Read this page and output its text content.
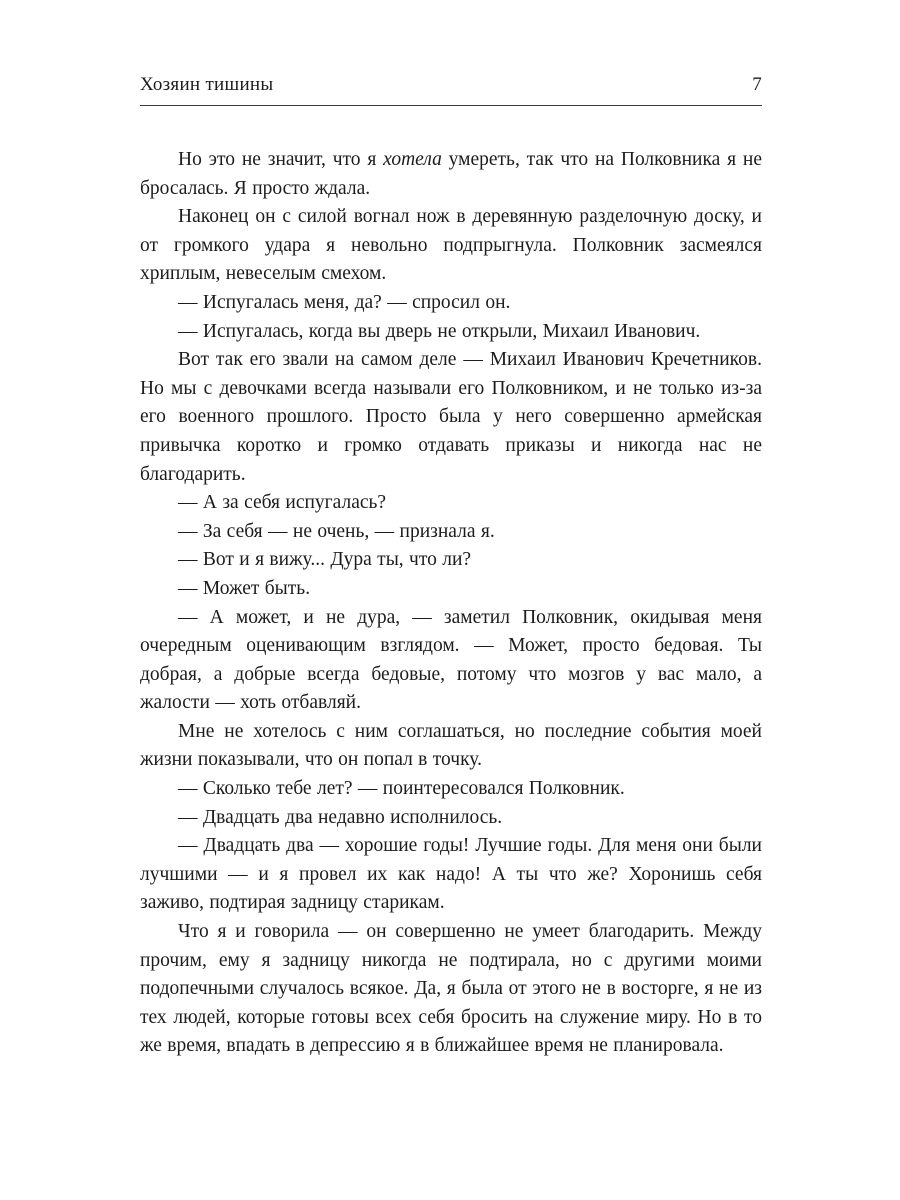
Хозяин тишины	7

Но это не значит, что я хотела умереть, так что на Полковника я не бросалась. Я просто ждала.

Наконец он с силой вогнал нож в деревянную разделочную доску, и от громкого удара я невольно подпрыгнула. Полковник засмеялся хриплым, невеселым смехом.

— Испугалась меня, да? — спросил он.

— Испугалась, когда вы дверь не открыли, Михаил Иванович.

Вот так его звали на самом деле — Михаил Иванович Кречетников. Но мы с девочками всегда называли его Полковником, и не только из-за его военного прошлого. Просто была у него совершенно армейская привычка коротко и громко отдавать приказы и никогда нас не благодарить.

— А за себя испугалась?

— За себя — не очень, — признала я.

— Вот и я вижу... Дура ты, что ли?

— Может быть.

— А может, и не дура, — заметил Полковник, окидывая меня очередным оценивающим взглядом. — Может, просто бедовая. Ты добрая, а добрые всегда бедовые, потому что мозгов у вас мало, а жалости — хоть отбавляй.

Мне не хотелось с ним соглашаться, но последние события моей жизни показывали, что он попал в точку.

— Сколько тебе лет? — поинтересовался Полковник.

— Двадцать два недавно исполнилось.

— Двадцать два — хорошие годы! Лучшие годы. Для меня они были лучшими — и я провел их как надо! А ты что же? Хоронишь себя заживо, подтирая задницу старикам.

Что я и говорила — он совершенно не умеет благодарить. Между прочим, ему я задницу никогда не подтирала, но с другими моими подопечными случалось всякое. Да, я была от этого не в восторге, я не из тех людей, которые готовы всех себя бросить на служение миру. Но в то же время, впадать в депрессию я в ближайшее время не планировала.
